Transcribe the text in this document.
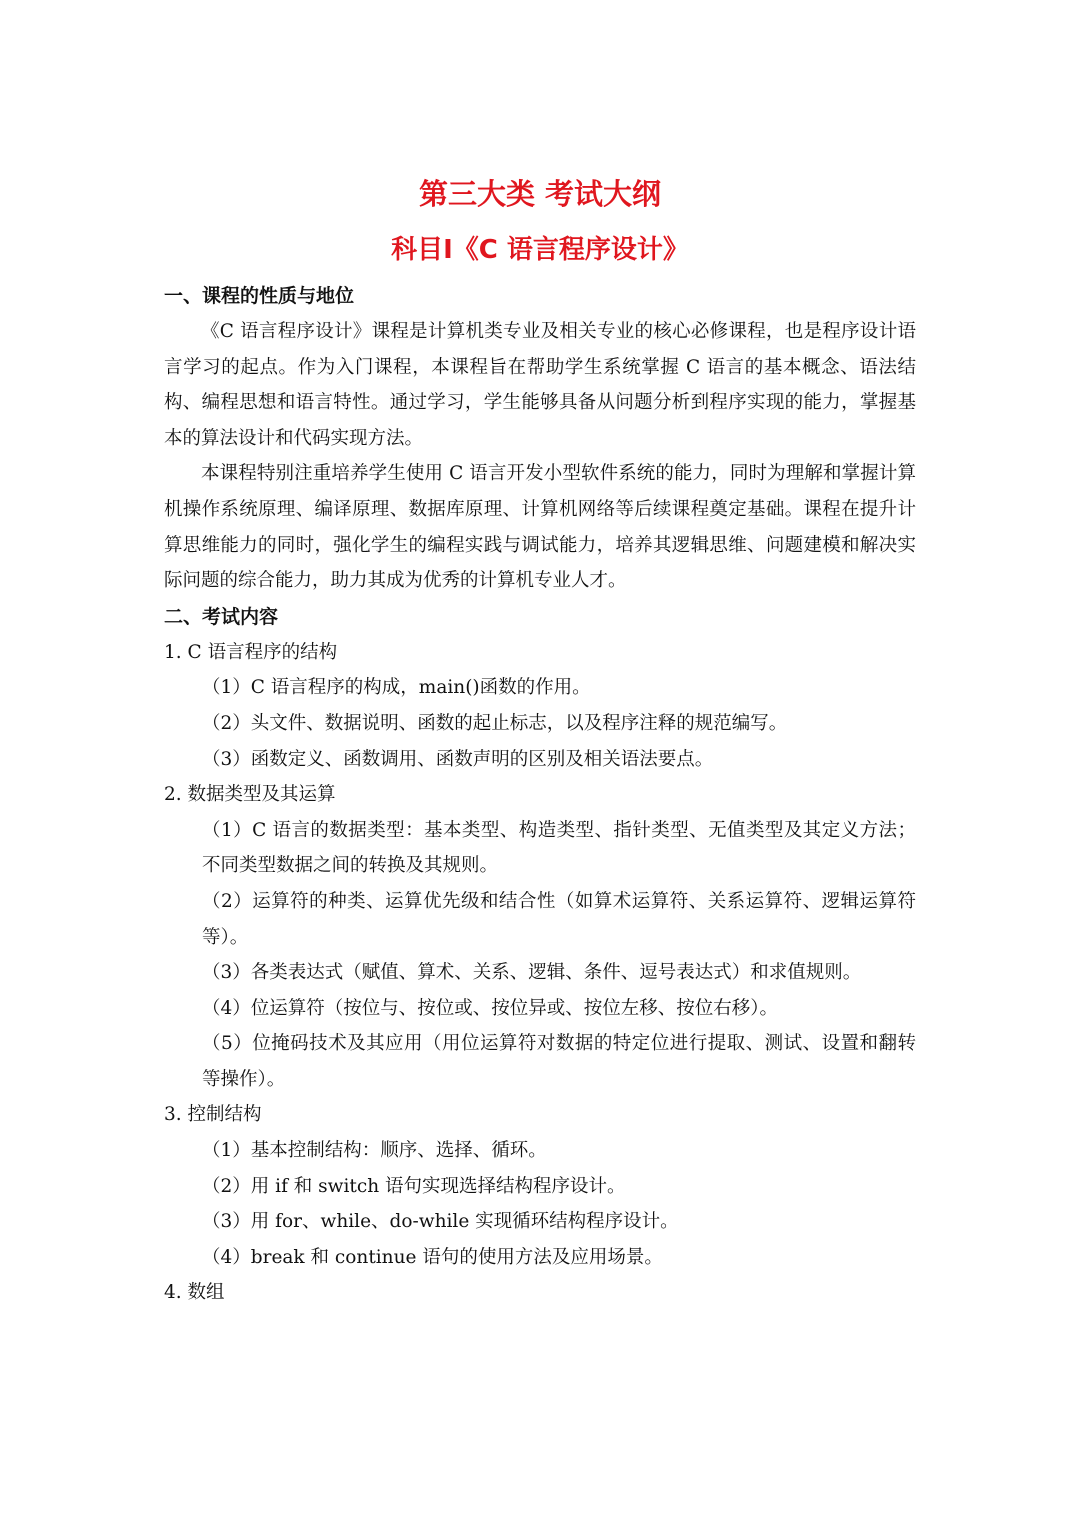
第三大类 考试大纲
科目Ⅰ《C 语言程序设计》
一、课程的性质与地位

《C 语言程序设计》课程是计算机类专业及相关专业的核心必修课程，也是程序设计语言学习的起点。作为入门课程，本课程旨在帮助学生系统掌握 C 语言的基本概念、语法结构、编程思想和语言特性。通过学习，学生能够具备从问题分析到程序实现的能力，掌握基本的算法设计和代码实现方法。

本课程特别注重培养学生使用 C 语言开发小型软件系统的能力，同时为理解和掌握计算机操作系统原理、编译原理、数据库原理、计算机网络等后续课程奠定基础。课程在提升计算思维能力的同时，强化学生的编程实践与调试能力，培养其逻辑思维、问题建模和解决实际问题的综合能力，助力其成为优秀的计算机专业人才。

二、考试内容

1. C 语言程序的结构

（1）C 语言程序的构成，main()函数的作用。

（2）头文件、数据说明、函数的起止标志，以及程序注释的规范编写。

（3）函数定义、函数调用、函数声明的区别及相关语法要点。

2. 数据类型及其运算

（1）C 语言的数据类型：基本类型、构造类型、指针类型、无值类型及其定义方法；不同类型数据之间的转换及其规则。

（2）运算符的种类、运算优先级和结合性（如算术运算符、关系运算符、逻辑运算符等）。

（3）各类表达式（赋值、算术、关系、逻辑、条件、逗号表达式）和求值规则。

（4）位运算符（按位与、按位或、按位异或、按位左移、按位右移）。

（5）位掩码技术及其应用（用位运算符对数据的特定位进行提取、测试、设置和翻转等操作）。

3. 控制结构

（1）基本控制结构：顺序、选择、循环。

（2）用 if 和 switch 语句实现选择结构程序设计。

（3）用 for、while、do-while 实现循环结构程序设计。

（4）break 和 continue 语句的使用方法及应用场景。

4. 数组
